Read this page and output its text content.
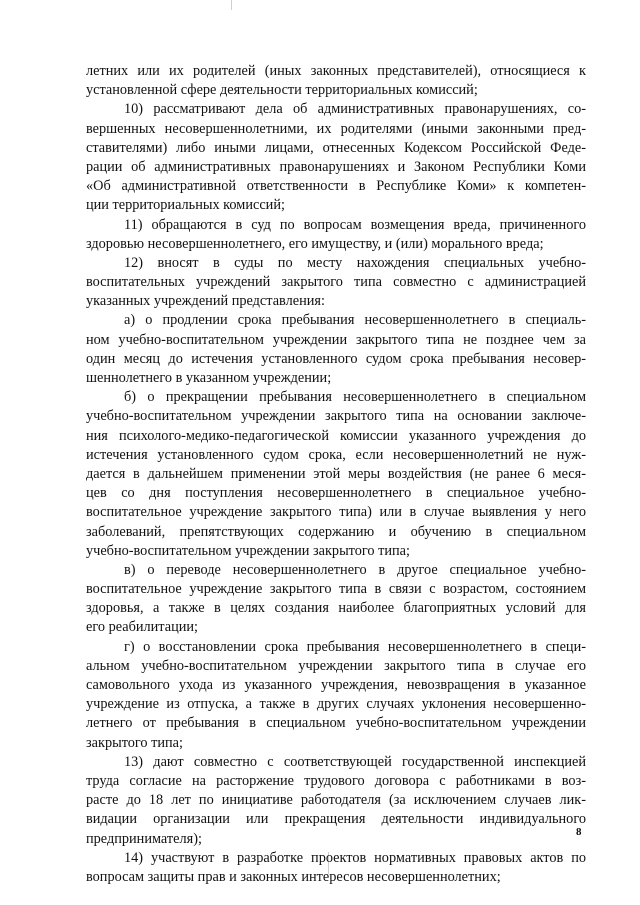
летних или их родителей (иных законных представителей), относящиеся к
установленной сфере деятельности территориальных комиссий;
10) рассматривают дела об административных правонарушениях, со-
вершенных несовершеннолетними, их родителями (иными законными пред-
ставителями) либо иными лицами, отнесенных Кодексом Российской Феде-
рации об административных правонарушениях и Законом Республики Коми
«Об административной ответственности в Республике Коми» к компетен-
ции территориальных комиссий;
11) обращаются в суд по вопросам возмещения вреда, причиненного
здоровью несовершеннолетнего, его имуществу, и (или) морального вреда;
12) вносят в суды по месту нахождения специальных учебно-
воспитательных учреждений закрытого типа совместно с администрацией
указанных учреждений представления:
а) о продлении срока пребывания несовершеннолетнего в специаль-
ном учебно-воспитательном учреждении закрытого типа не позднее чем за
один месяц до истечения установленного судом срока пребывания несовер-
шеннолетнего в указанном учреждении;
б) о прекращении пребывания несовершеннолетнего в специальном
учебно-воспитательном учреждении закрытого типа на основании заключе-
ния психолого-медико-педагогической комиссии указанного учреждения до
истечения установленного судом срока, если несовершеннолетний не нуж-
дается в дальнейшем применении этой меры воздействия (не ранее 6 меся-
цев со дня поступления несовершеннолетнего в специальное учебно-
воспитательное учреждение закрытого типа) или в случае выявления у него
заболеваний, препятствующих содержанию и обучению в специальном
учебно-воспитательном учреждении закрытого типа;
в) о переводе несовершеннолетнего в другое специальное учебно-
воспитательное учреждение закрытого типа в связи с возрастом, состоянием
здоровья, а также в целях создания наиболее благоприятных условий для
его реабилитации;
г) о восстановлении срока пребывания несовершеннолетнего в специ-
альном учебно-воспитательном учреждении закрытого типа в случае его
самовольного ухода из указанного учреждения, невозвращения в указанное
учреждение из отпуска, а также в других случаях уклонения несовершенно-
летнего от пребывания в специальном учебно-воспитательном учреждении
закрытого типа;
13) дают совместно с соответствующей государственной инспекцией
труда согласие на расторжение трудового договора с работниками в воз-
расте до 18 лет по инициативе работодателя (за исключением случаев лик-
видации организации или прекращения деятельности индивидуального
предпринимателя);
14) участвуют в разработке проектов нормативных правовых актов по
вопросам защиты прав и законных интересов несовершеннолетних;
8
